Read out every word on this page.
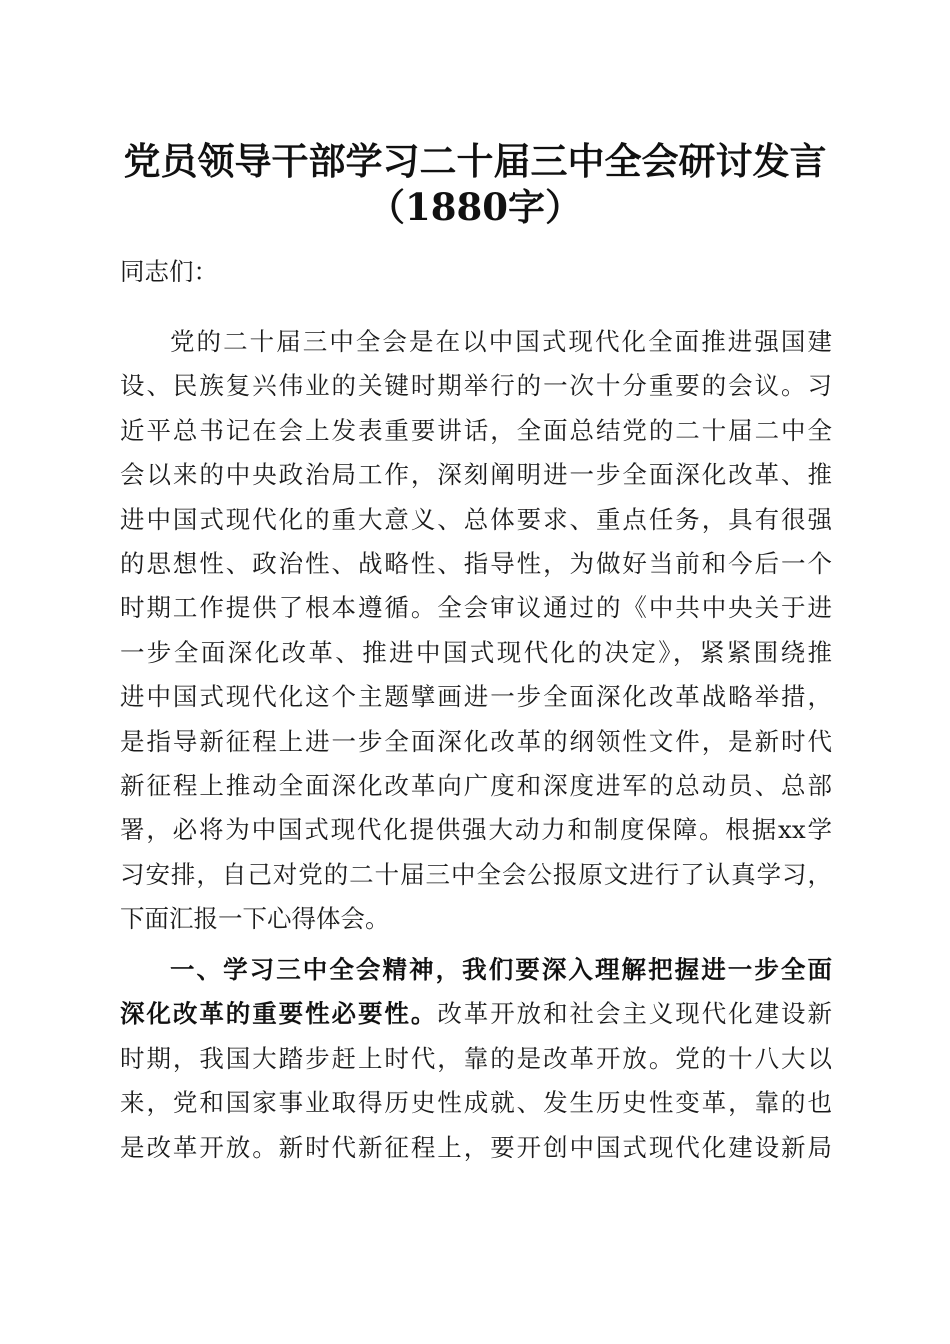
党员领导干部学习二十届三中全会研讨发言
（1880字）
同志们：
党的二十届三中全会是在以中国式现代化全面推进强国建
设、民族复兴伟业的关键时期举行的一次十分重要的会议。习
近平总书记在会上发表重要讲话，全面总结党的二十届二中全
会以来的中央政治局工作，深刻阐明进一步全面深化改革、推
进中国式现代化的重大意义、总体要求、重点任务，具有很强
的思想性、政治性、战略性、指导性，为做好当前和今后一个
时期工作提供了根本遵循。全会审议通过的《中共中央关于进
一步全面深化改革、推进中国式现代化的决定》，紧紧围绕推
进中国式现代化这个主题擘画进一步全面深化改革战略举措，
是指导新征程上进一步全面深化改革的纲领性文件，是新时代
新征程上推动全面深化改革向广度和深度进军的总动员、总部
署，必将为中国式现代化提供强大动力和制度保障。根据xx学
习安排，自己对党的二十届三中全会公报原文进行了认真学习，
下面汇报一下心得体会。
一、学习三中全会精神，我们要深入理解把握进一步全面
深化改革的重要性必要性。改革开放和社会主义现代化建设新
时期，我国大踏步赶上时代，靠的是改革开放。党的十八大以
来，党和国家事业取得历史性成就、发生历史性变革，靠的也
是改革开放。新时代新征程上，要开创中国式现代化建设新局
